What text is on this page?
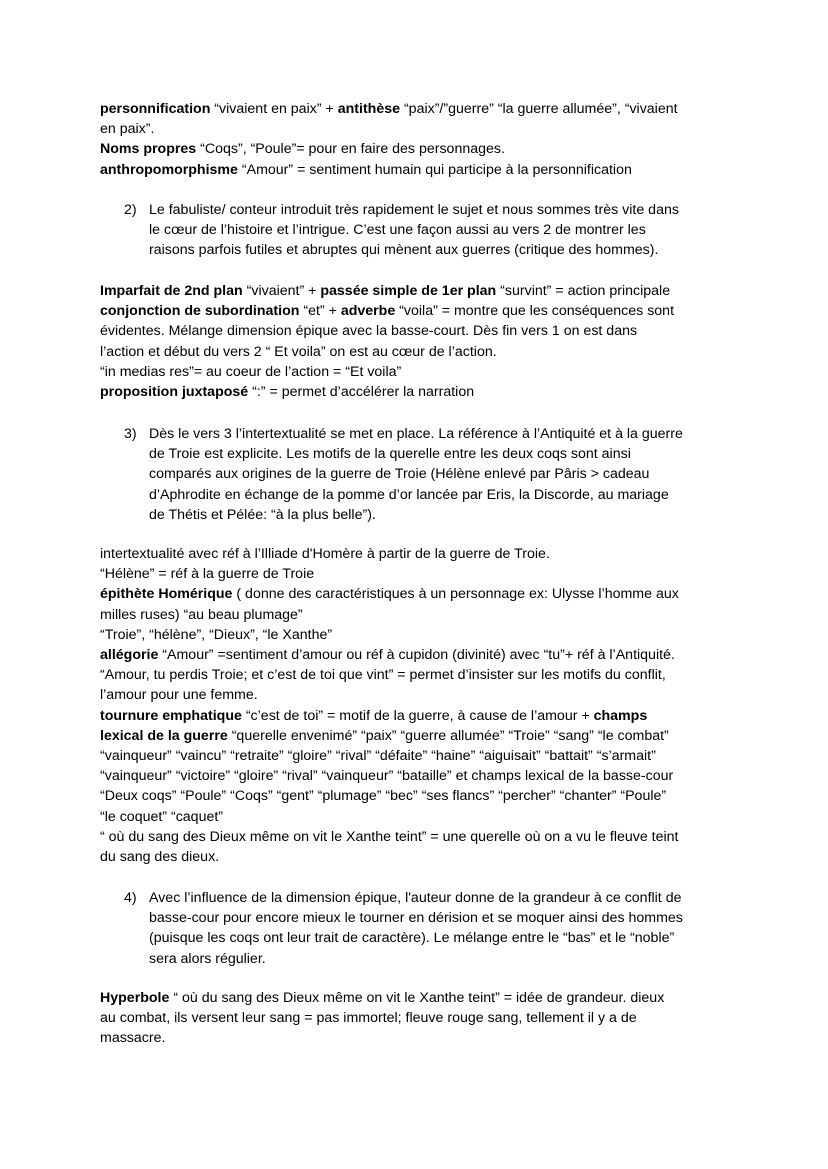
personnification “vivaient en paix” + antithèse “paix”/”guerre” “la guerre allumée”, “vivaient
en paix”.
Noms propres “Coqs”, “Poule”= pour en faire des personnages.
anthropomorphisme “Amour” = sentiment humain qui participe à la personnification
2) Le fabuliste/ conteur introduit très rapidement le sujet et nous sommes très vite dans
le cœur de l’histoire et l’intrigue. C’est une façon aussi au vers 2 de montrer les
raisons parfois futiles et abruptes qui mènent aux guerres (critique des hommes).
Imparfait de 2nd plan “vivaient” + passée simple de 1er plan “survint” = action principale
conjonction de subordination “et” + adverbe “voila” = montre que les conséquences sont
évidentes. Mélange dimension épique avec la basse-court. Dès fin vers 1 on est dans
l’action et début du vers 2 “ Et voila” on est au cœur de l’action.
“in medias res”= au coeur de l’action = “Et voila”
proposition juxtaposé “:” = permet d’accélérer la narration
3) Dès le vers 3 l’intertextualité se met en place. La référence à l’Antiquité et à la guerre
de Troie est explicite. Les motifs de la querelle entre les deux coqs sont ainsi
comparés aux origines de la guerre de Troie (Hélène enlevé par Pâris > cadeau
d’Aphrodite en échange de la pomme d’or lancée par Eris, la Discorde, au mariage
de Thétis et Pélée: “à la plus belle”).
intertextualité avec réf à l’Illiade d'Homère à partir de la guerre de Troie.
“Hélène” = réf à la guerre de Troie
épithète Homérique ( donne des caractéristiques à un personnage ex: Ulysse l’homme aux
milles ruses) “au beau plumage”
“Troie”, “hélène”, “Dieux”, “le Xanthe”
allégorie “Amour” =sentiment d’amour ou réf à cupidon (divinité) avec “tu”+ réf à l’Antiquité.
“Amour, tu perdis Troie; et c’est de toi que vint” = permet d’insister sur les motifs du conflit,
l’amour pour une femme.
tournure emphatique “c’est de toi” = motif de la guerre, à cause de l’amour + champs
lexical de la guerre “querelle envenimé” “paix” “guerre allumée” “Troie” “sang” “le combat”
“vainqueur” “vaincu” “retraite” “gloire” “rival” “défaite” “haine” “aiguisait” “battait” “s’armait”
“vainqueur” “victoire” “gloire” “rival” “vainqueur” “bataille” et champs lexical de la basse-cour
“Deux coqs” “Poule” “Coqs” “gent” “plumage” “bec” “ses flancs” “percher” “chanter” “Poule”
“le coquet” “caquet”
“ où du sang des Dieux même on vit le Xanthe teint” = une querelle où on a vu le fleuve teint
du sang des dieux.
4) Avec l’influence de la dimension épique, l'auteur donne de la grandeur à ce conflit de
basse-cour pour encore mieux le tourner en dérision et se moquer ainsi des hommes
(puisque les coqs ont leur trait de caractère). Le mélange entre le “bas” et le “noble”
sera alors régulier.
Hyperbole “ où du sang des Dieux même on vit le Xanthe teint” = idée de grandeur. dieux
au combat, ils versent leur sang = pas immortel; fleuve rouge sang, tellement il y a de
massacre.
